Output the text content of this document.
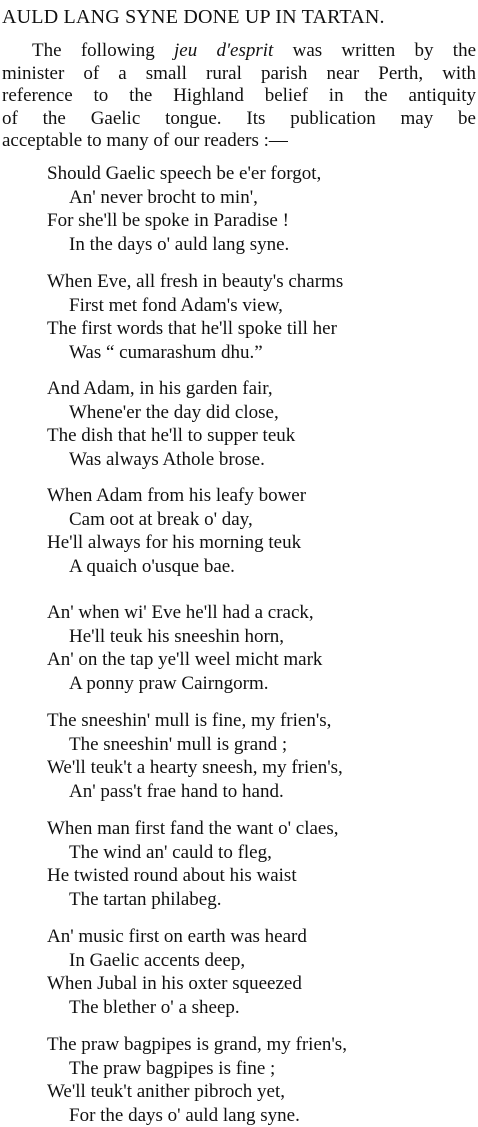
AULD LANG SYNE DONE UP IN TARTAN.
The following jeu d'esprit was written by the
minister of a small rural parish near Perth, with
reference to the Highland belief in the antiquity
of the Gaelic tongue. Its publication may be
acceptable to many of our readers :—
Should Gaelic speech be e'er forgot,
An' never brocht to min',
For she'll be spoke in Paradise !
In the days o' auld lang syne.
When Eve, all fresh in beauty's charms
First met fond Adam's view,
The first words that he'll spoke till her
Was “ cumarashum dhu.”
And Adam, in his garden fair,
Whene'er the day did close,
The dish that he'll to supper teuk
Was always Athole brose.
When Adam from his leafy bower
Cam oot at break o' day,
He'll always for his morning teuk
A quaich o'usque bae.
An' when wi' Eve he'll had a crack,
He'll teuk his sneeshin horn,
An' on the tap ye'll weel micht mark
A ponny praw Cairngorm.
The sneeshin' mull is fine, my frien's,
The sneeshin' mull is grand ;
We'll teuk't a hearty sneesh, my frien's,
An' pass't frae hand to hand.
When man first fand the want o' claes,
The wind an' cauld to fleg,
He twisted round about his waist
The tartan philabeg.
An' music first on earth was heard
In Gaelic accents deep,
When Jubal in his oxter squeezed
The blether o' a sheep.
The praw bagpipes is grand, my frien's,
The praw bagpipes is fine ;
We'll teuk't anither pibroch yet,
For the days o' auld lang syne.
